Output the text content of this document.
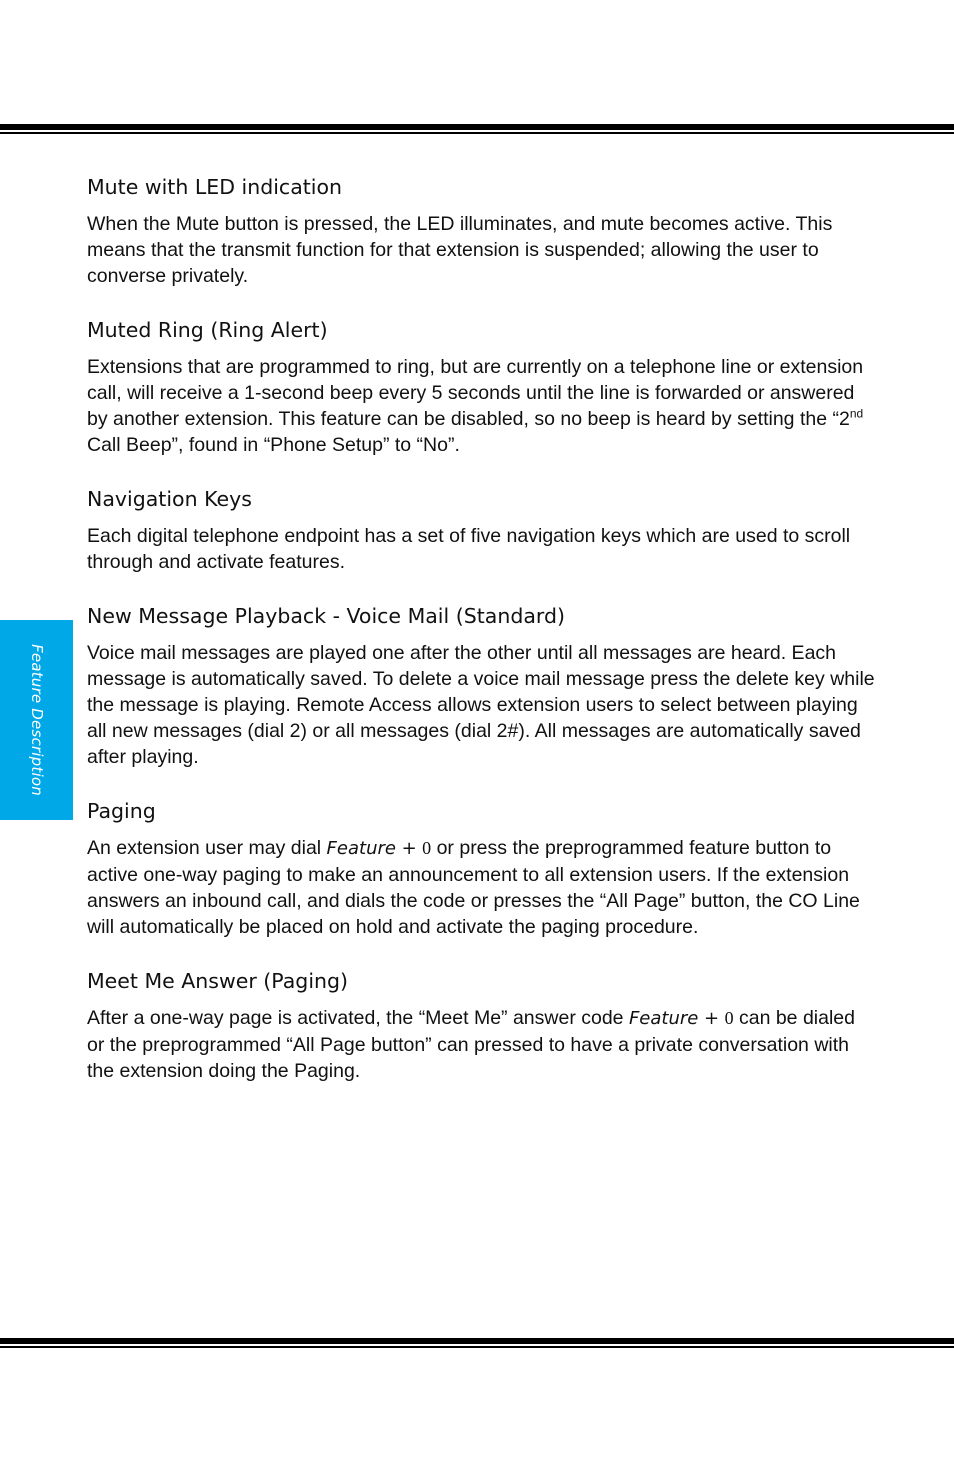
Feature Description
Mute with LED indication

When the Mute button is pressed, the LED illuminates, and mute becomes active. This means that the transmit function for that extension is suspended; allowing the user to converse privately.

Muted Ring (Ring Alert)

Extensions that are programmed to ring, but are currently on a telephone line or extension call, will receive a 1-second beep every 5 seconds until the line is forwarded or answered by another extension. This feature can be disabled, so no beep is heard by setting the “2nd Call Beep”, found in “Phone Setup” to “No”.

Navigation Keys

Each digital telephone endpoint has a set of five navigation keys which are used to scroll through and activate features.

New Message Playback - Voice Mail (Standard)

Voice mail messages are played one after the other until all messages are heard. Each message is automatically saved. To delete a voice mail message press the delete key while the message is playing. Remote Access allows extension users to select between playing all new messages (dial 2) or all messages (dial 2#). All messages are automatically saved after playing.

Paging

An extension user may dial Feature + 0 or press the preprogrammed feature button to active one-way paging to make an announcement to all extension users. If the extension answers an inbound call, and dials the code or presses the “All Page” button, the CO Line will automatically be placed on hold and activate the paging procedure.

Meet Me Answer (Paging)

After a one-way page is activated, the “Meet Me” answer code Feature + 0 can be dialed or the preprogrammed “All Page button” can pressed to have a private conversation with the extension doing the Paging.
